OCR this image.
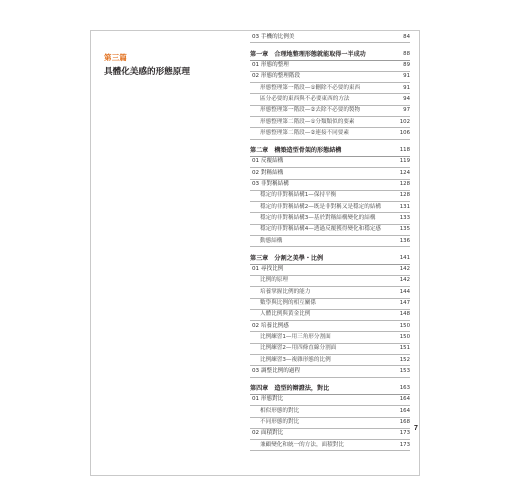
第三篇
具體化美感的形態原理
03 手機的比例美	84
第一章　合理地整理形態就能取得一半成功	88
01 形態的整理	89
02 形態的整理階段	91
形態整理第一階段—①刪除不必要的東西	91
區分必要的東西與不必要東西的方法	94
形態整理第一階段—②去除不必要的製物	97
形態整理第二階段—①分類類似的要素	102
形態整理第二階段—②連接不同要素	106
第二章　構築造型骨架的形態結構	118
01 反覆結構	119
02 對稱結構	124
03 非對稱結構	128
穩定的非對稱結構1—保持平衡	128
穩定的非對稱結構2—既是非對稱又是穩定的結構	131
穩定的非對稱結構3—基於對稱結構變化的結構	133
穩定的非對稱結構4—透過反覆獲得變化和穩定感	135
動態結構	136
第三章　分割之美學・比例	141
01 尋找比例	142
比例的原理	142
培養掌握比例的能力	144
數學與比例的相互關係	147
人體比例與黃金比例	148
02 培養比例感	150
比例練習1—用三角形分割面	150
比例練習2—用四條直線分割面	151
比例練習3—複雜形態的比例	152
03 調整比例的過程	153
第四章　造型的辯證法，對比	163
01 形態對比	164
相似形態的對比	164
不同形態的對比	168
02 面積對比	173
兼顧變化和統一的方法，面積對比	173
7
